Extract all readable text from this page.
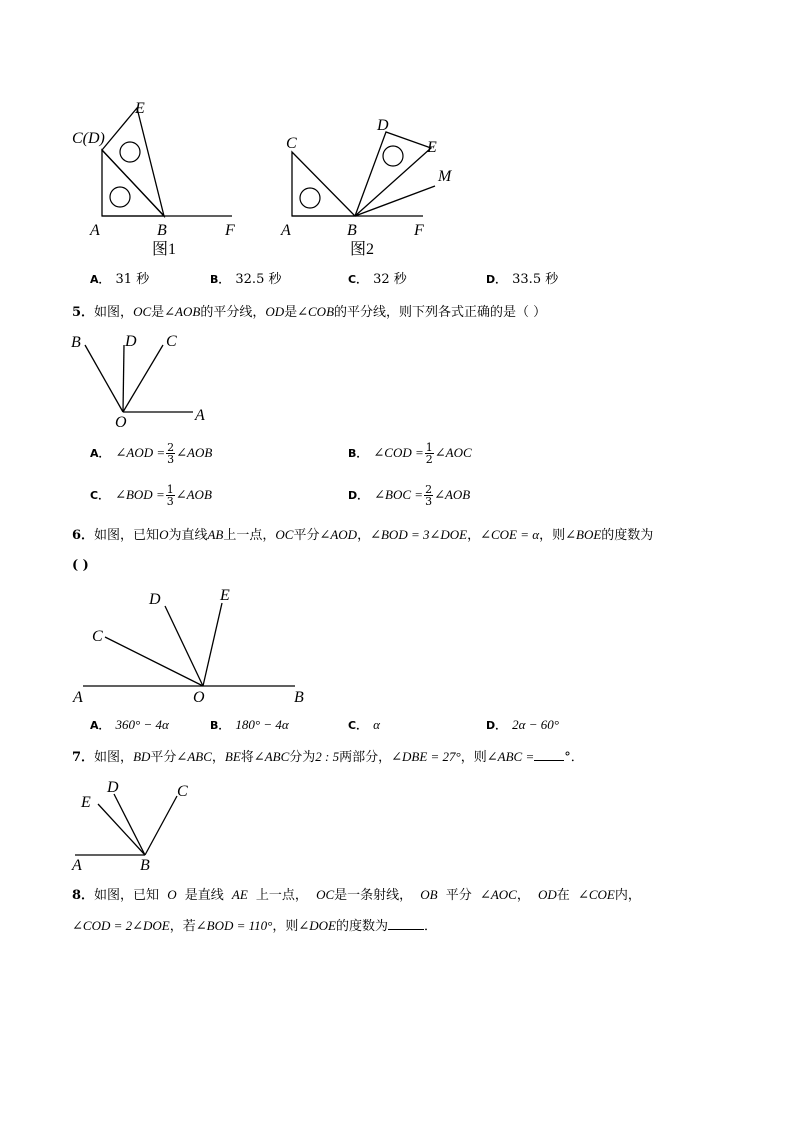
E
C(D)
A	B	F
图1
C
D
E
M
A	B	F
图2
A． 31 秒	B． 32.5 秒	C． 32 秒	D． 33.5 秒
5．如图，OC是∠AOB的平分线，OD是∠COB的平分线，则下列各式正确的是（ ）
B	D C
O	A
A． ∠AOD = $\frac{2}{3}$ ∠AOB	B． ∠COD = $\frac{1}{2}$ ∠AOC
C． ∠BOD = $\frac{1}{3}$ ∠AOB	D． ∠BOC = $\frac{2}{3}$ ∠AOB
6．如图，已知O为直线AB上一点，OC平分∠AOD，∠BOD = 3∠DOE，∠COE = α，则∠BOE的度数为
( )
D	E
C
A	O	B
A． 360° − 4α	B． 180° − 4α	C． α	D． 2α − 60°
7．如图，BD平分∠ABC，BE将∠ABC分为2 : 5两部分，∠DBE = 27°，则∠ABC = °．
D
E
C
A	B
8．如图，已知 O 是直线 AE 上一点， OC是一条射线， OB 平分 ∠AOC， OD在 ∠COE内，
∠COD = 2∠DOE，若∠BOD = 110°，则∠DOE的度数为	．
